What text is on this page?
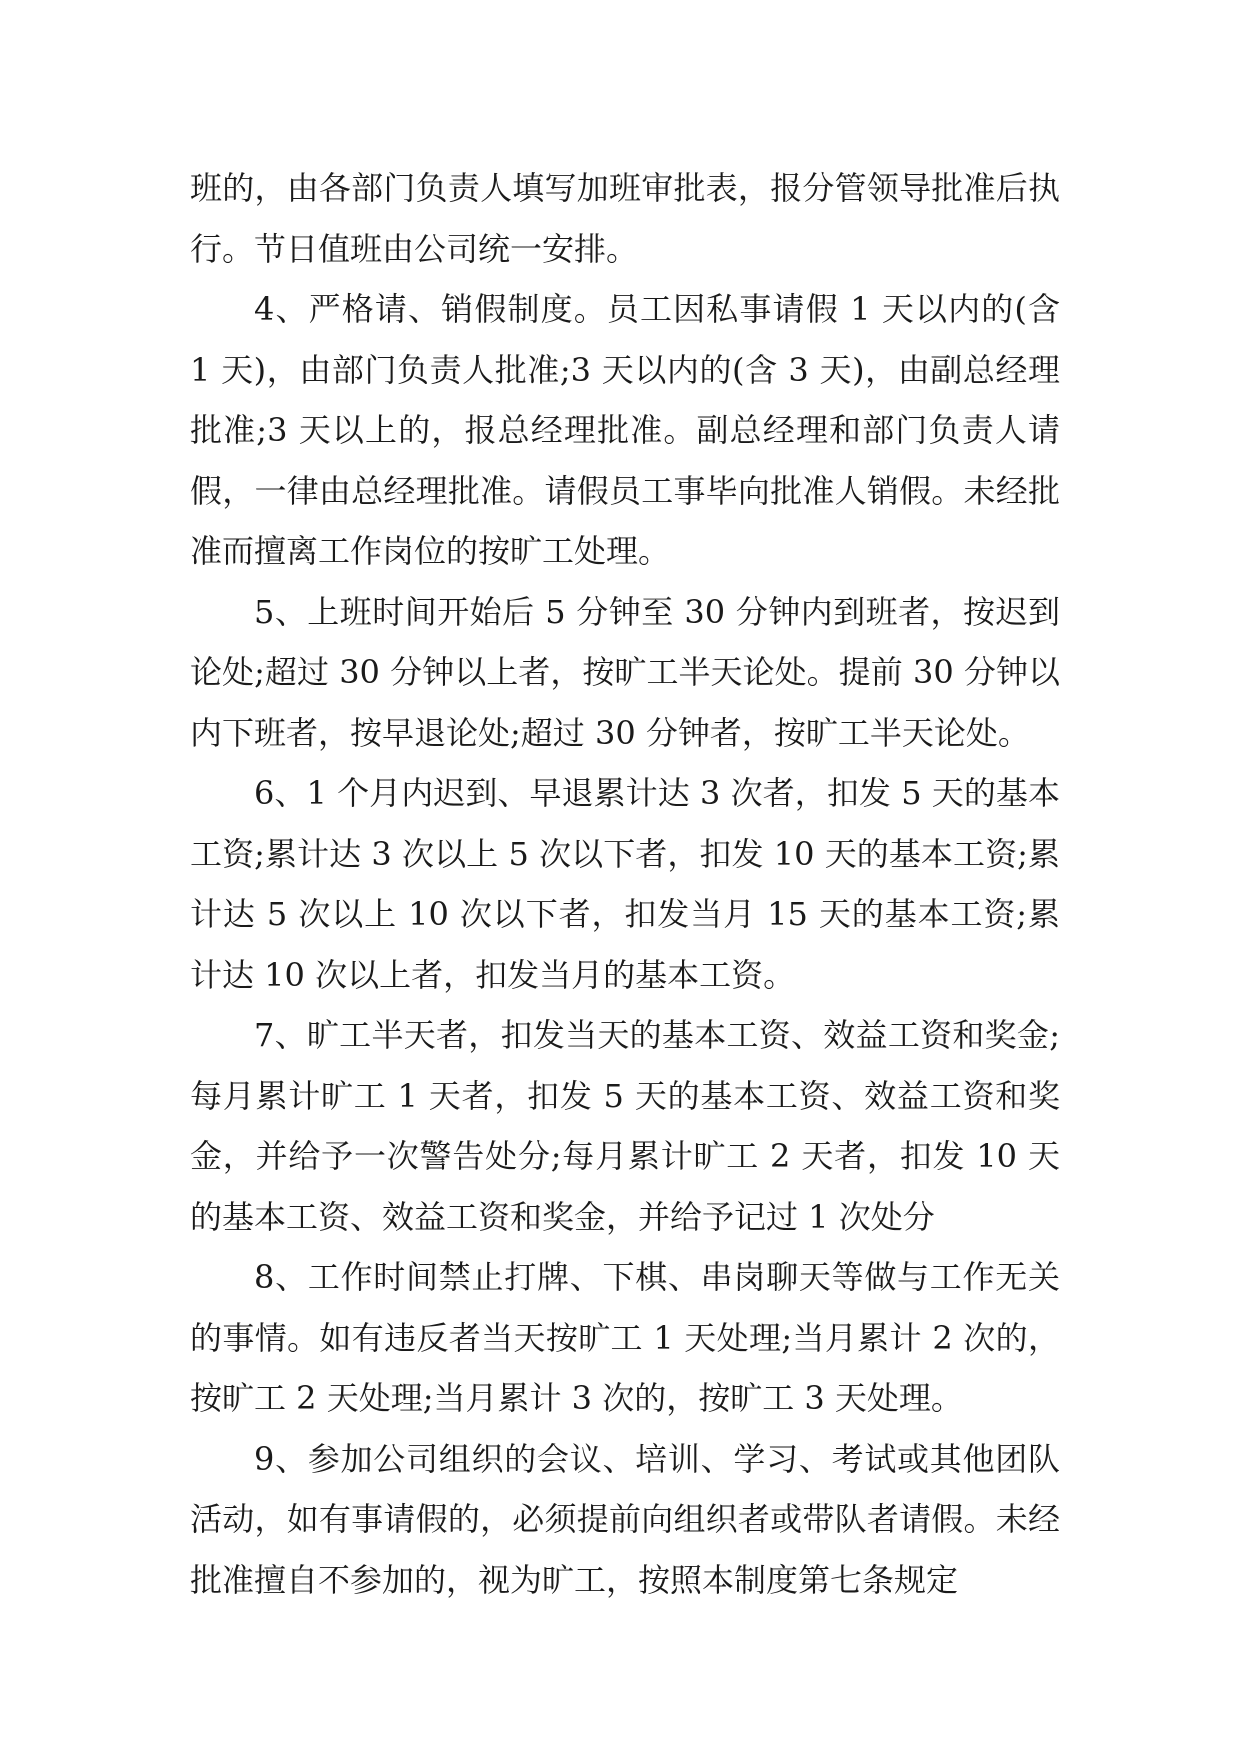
班的，由各部门负责人填写加班审批表，报分管领导批准后执行。节日值班由公司统一安排。

4、严格请、销假制度。员工因私事请假 1 天以内的(含 1 天)，由部门负责人批准;3 天以内的(含 3 天)，由副总经理批准;3 天以上的，报总经理批准。副总经理和部门负责人请假，一律由总经理批准。请假员工事毕向批准人销假。未经批准而擅离工作岗位的按旷工处理。

5、上班时间开始后 5 分钟至 30 分钟内到班者，按迟到论处;超过 30 分钟以上者，按旷工半天论处。提前 30 分钟以内下班者，按早退论处;超过 30 分钟者，按旷工半天论处。

6、1 个月内迟到、早退累计达 3 次者，扣发 5 天的基本工资;累计达 3 次以上 5 次以下者，扣发 10 天的基本工资;累计达 5 次以上 10 次以下者，扣发当月 15 天的基本工资;累计达 10 次以上者，扣发当月的基本工资。

7、旷工半天者，扣发当天的基本工资、效益工资和奖金;每月累计旷工 1 天者，扣发 5 天的基本工资、效益工资和奖金，并给予一次警告处分;每月累计旷工 2 天者，扣发 10 天的基本工资、效益工资和奖金，并给予记过 1 次处分

8、工作时间禁止打牌、下棋、串岗聊天等做与工作无关的事情。如有违反者当天按旷工 1 天处理;当月累计 2 次的，按旷工 2 天处理;当月累计 3 次的，按旷工 3 天处理。

9、参加公司组织的会议、培训、学习、考试或其他团队活动，如有事请假的，必须提前向组织者或带队者请假。未经批准擅自不参加的，视为旷工，按照本制度第七条规定
